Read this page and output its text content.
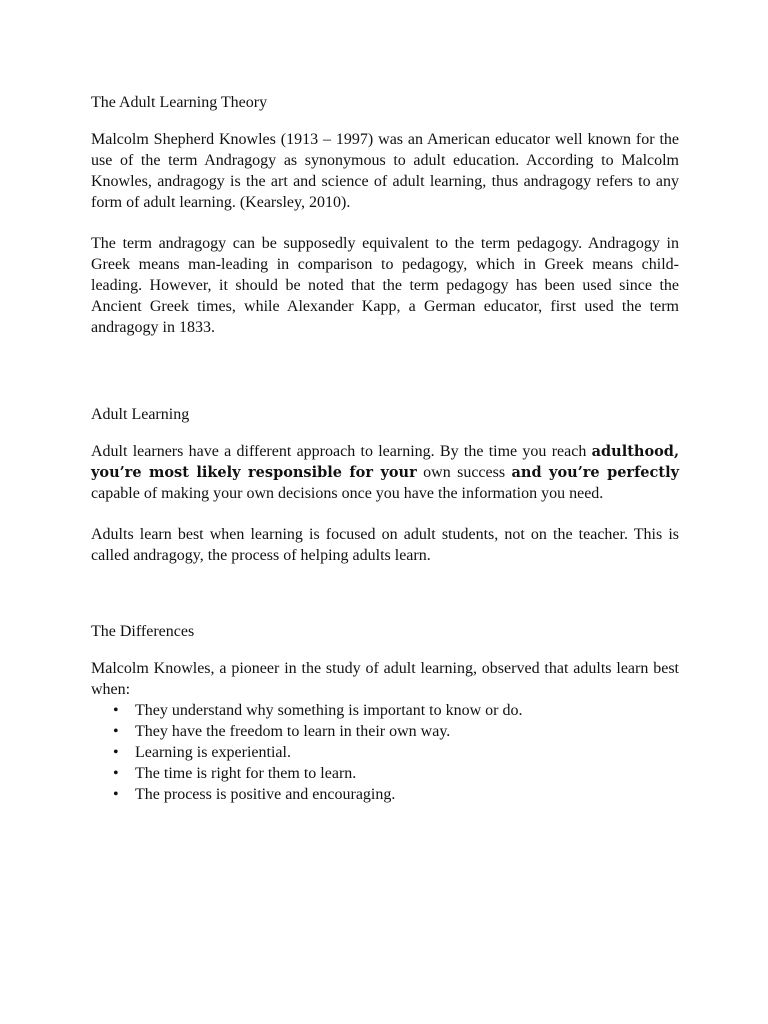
The Adult Learning Theory

Malcolm Shepherd Knowles (1913 – 1997) was an American educator well known for the use of the term Andragogy as synonymous to adult education. According to Malcolm Knowles, andragogy is the art and science of adult learning, thus andragogy refers to any form of adult learning. (Kearsley, 2010).

The term andragogy can be supposedly equivalent to the term pedagogy. Andragogy in Greek means man-leading in comparison to pedagogy, which in Greek means child-leading. However, it should be noted that the term pedagogy has been used since the Ancient Greek times, while Alexander Kapp, a German educator, first used the term andragogy in 1833.

Adult Learning

Adult learners have a different approach to learning. By the time you reach adulthood, you’re most likely responsible for your own success and you’re perfectly capable of making your own decisions once you have the information you need.

Adults learn best when learning is focused on adult students, not on the teacher. This is called andragogy, the process of helping adults learn.

The Differences

Malcolm Knowles, a pioneer in the study of adult learning, observed that adults learn best when:

• They understand why something is important to know or do.
• They have the freedom to learn in their own way.
• Learning is experiential.
• The time is right for them to learn.
• The process is positive and encouraging.
